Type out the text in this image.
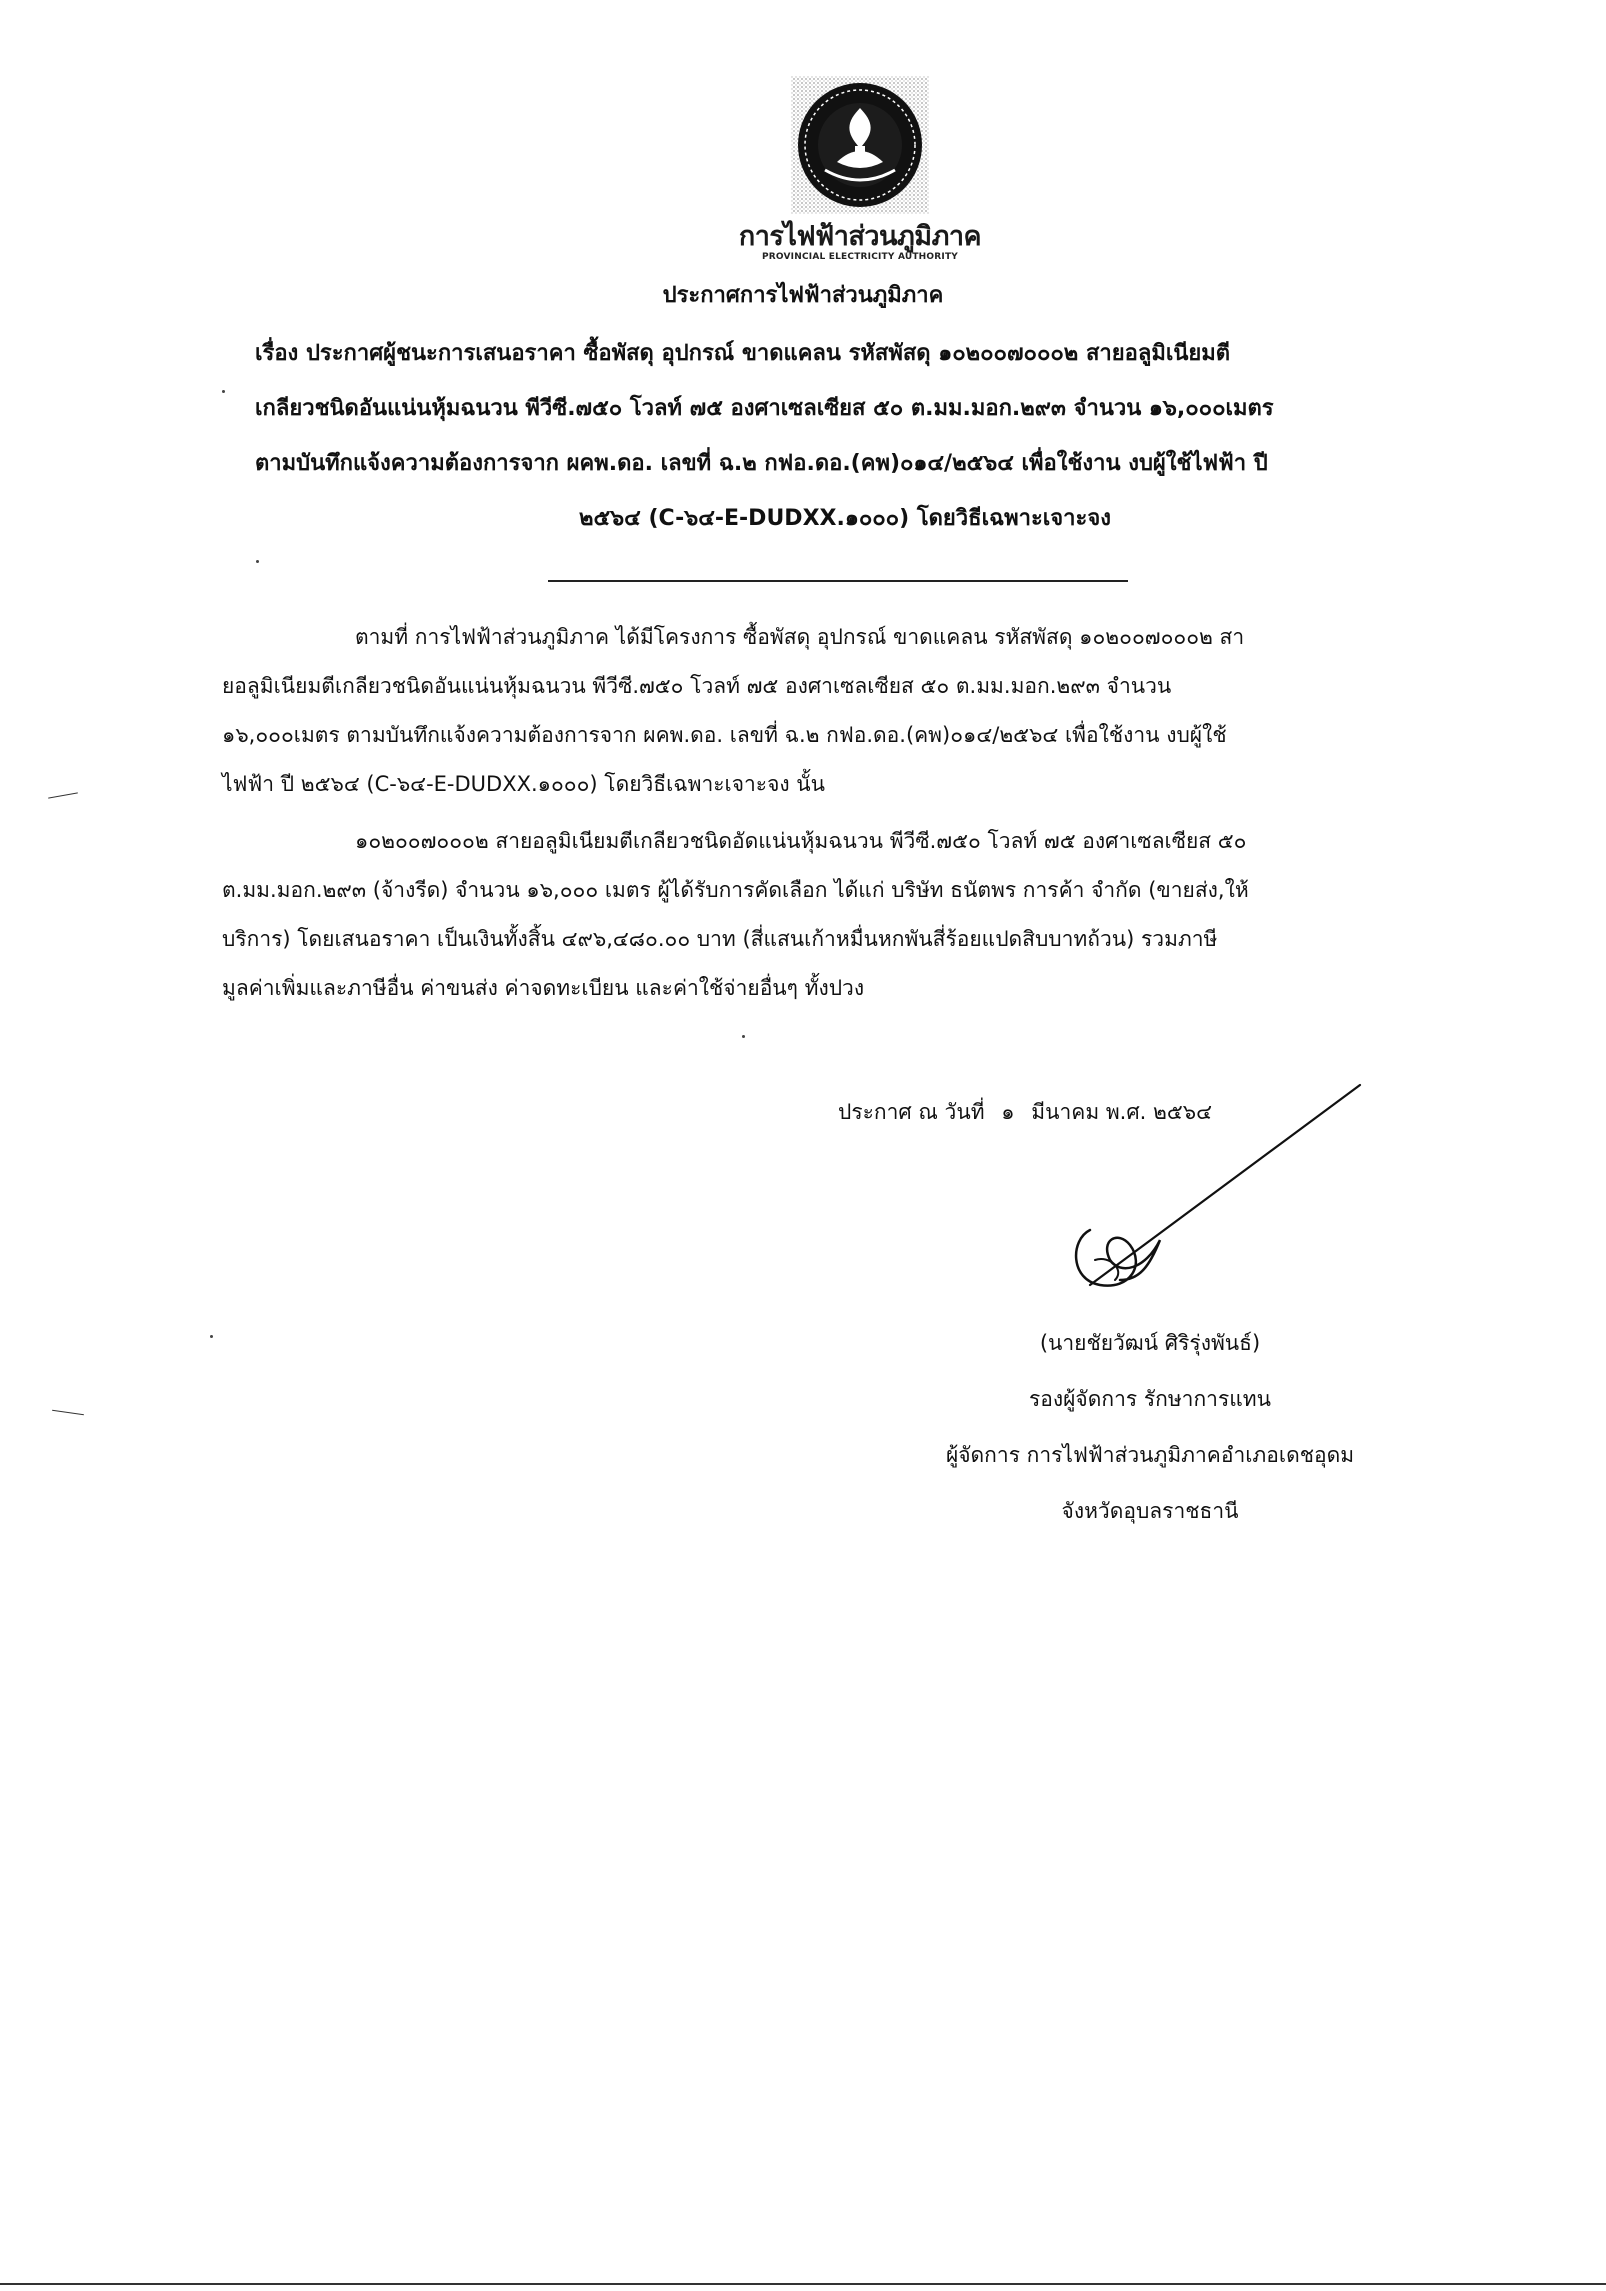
การไฟฟ้าส่วนภูมิภาค
PROVINCIAL ELECTRICITY AUTHORITY
ประกาศการไฟฟ้าส่วนภูมิภาค
เรื่อง ประกาศผู้ชนะการเสนอราคา ซื้อพัสดุ อุปกรณ์ ขาดแคลน รหัสพัสดุ ๑๐๒๐๐๗๐๐๐๒ สายอลูมิเนียมตี
เกลียวชนิดอันแน่นหุ้มฉนวน พีวีซี.๗๕๐ โวลท์ ๗๕ องศาเซลเซียส ๕๐ ต.มม.มอก.๒๙๓ จำนวน ๑๖,๐๐๐เมตร
ตามบันทึกแจ้งความต้องการจาก ผคพ.ดอ. เลขที่ ฉ.๒ กฟอ.ดอ.(คพ)๐๑๔/๒๕๖๔ เพื่อใช้งาน งบผู้ใช้ไฟฟ้า ปี
๒๕๖๔ (C-๖๔-E-DUDXX.๑๐๐๐) โดยวิธีเฉพาะเจาะจง
ตามที่ การไฟฟ้าส่วนภูมิภาค ได้มีโครงการ ซื้อพัสดุ อุปกรณ์ ขาดแคลน รหัสพัสดุ ๑๐๒๐๐๗๐๐๐๒ สา
ยอลูมิเนียมตีเกลียวชนิดอันแน่นหุ้มฉนวน พีวีซี.๗๕๐ โวลท์ ๗๕ องศาเซลเซียส ๕๐ ต.มม.มอก.๒๙๓ จำนวน
๑๖,๐๐๐เมตร ตามบันทึกแจ้งความต้องการจาก ผคพ.ดอ. เลขที่ ฉ.๒ กฟอ.ดอ.(คพ)๐๑๔/๒๕๖๔ เพื่อใช้งาน งบผู้ใช้
ไฟฟ้า ปี ๒๕๖๔ (C-๖๔-E-DUDXX.๑๐๐๐) โดยวิธีเฉพาะเจาะจง นั้น
๑๐๒๐๐๗๐๐๐๒ สายอลูมิเนียมตีเกลียวชนิดอัดแน่นหุ้มฉนวน พีวีซี.๗๕๐ โวลท์ ๗๕ องศาเซลเซียส ๕๐
ต.มม.มอก.๒๙๓ (จ้างรีด) จำนวน ๑๖,๐๐๐ เมตร ผู้ได้รับการคัดเลือก ได้แก่ บริษัท ธนัตพร การค้า จำกัด (ขายส่ง,ให้
บริการ) โดยเสนอราคา เป็นเงินทั้งสิ้น ๔๙๖,๔๘๐.๐๐ บาท (สี่แสนเก้าหมื่นหกพันสี่ร้อยแปดสิบบาทถ้วน) รวมภาษี
มูลค่าเพิ่มและภาษีอื่น ค่าขนส่ง ค่าจดทะเบียน และค่าใช้จ่ายอื่นๆ ทั้งปวง
ประกาศ ณ วันที่ ๑ มีนาคม พ.ศ. ๒๕๖๔
(นายชัยวัฒน์ ศิริรุ่งพันธ์)
รองผู้จัดการ รักษาการแทน
ผู้จัดการ การไฟฟ้าส่วนภูมิภาคอำเภอเดชอุดม
จังหวัดอุบลราชธานี
